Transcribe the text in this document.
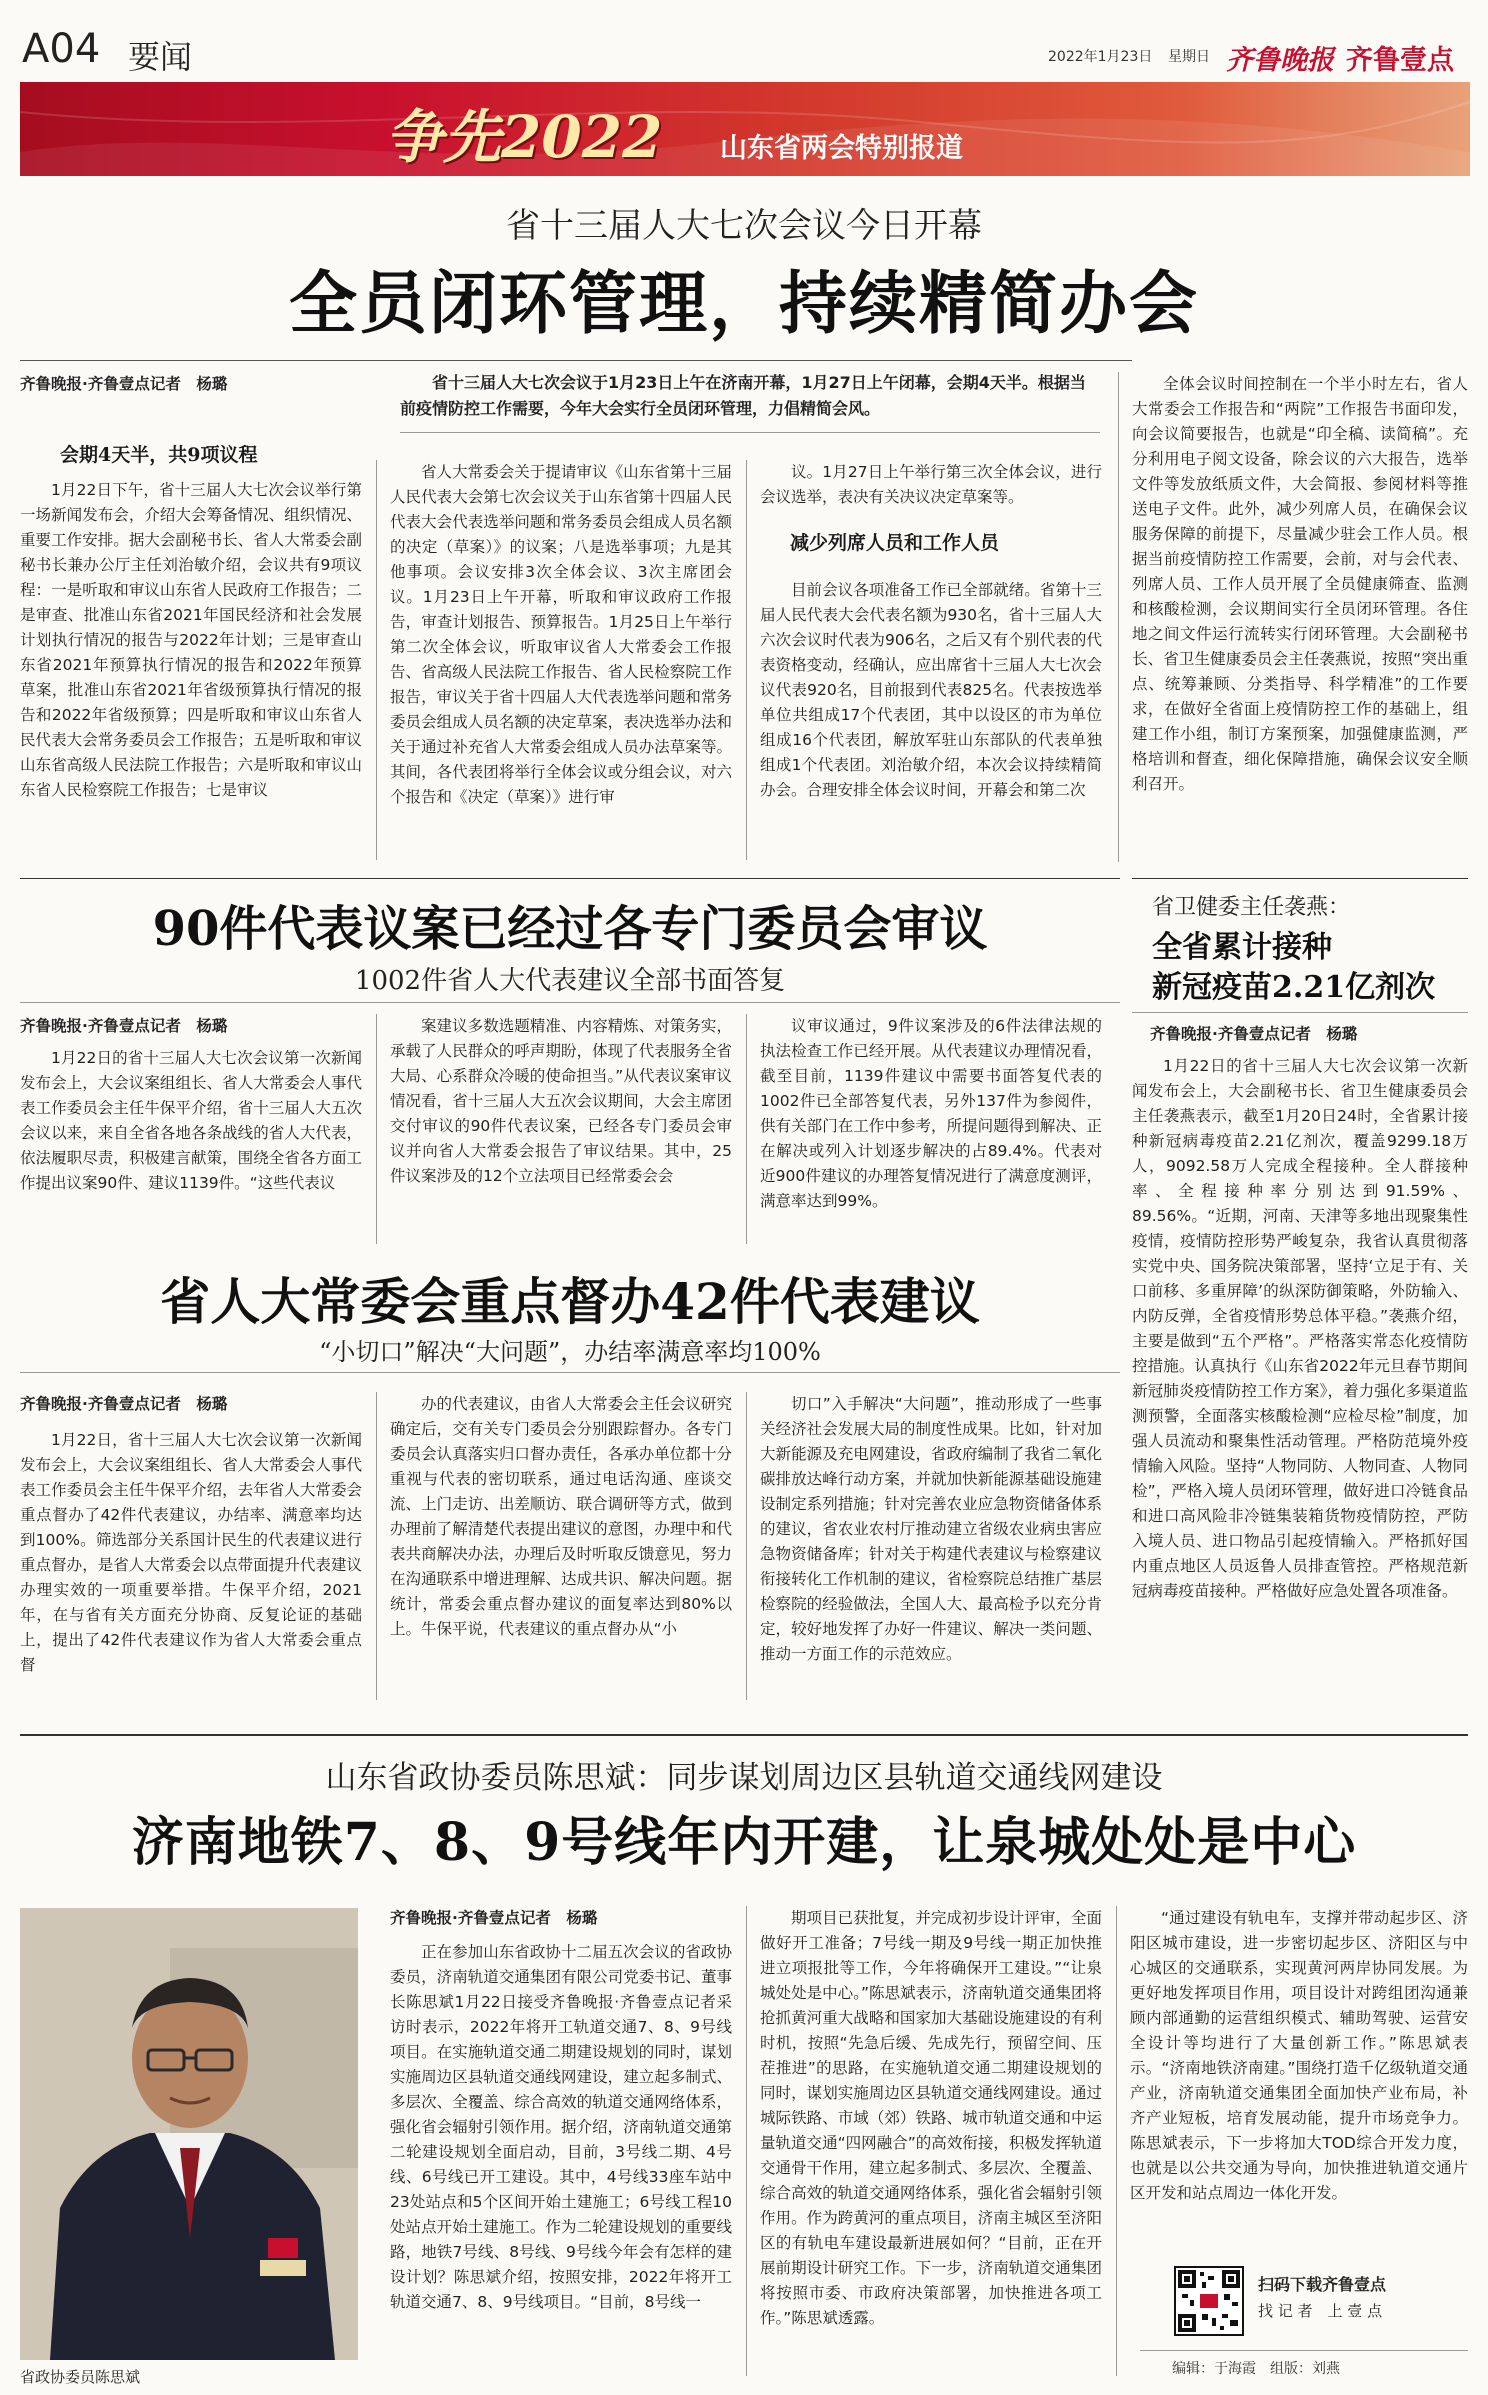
A04 要闻	2022年1月23日 星期日 齐鲁晚报 齐鲁壹点
争先2022 山东省两会特别报道
省十三届人大七次会议今日开幕
全员闭环管理，持续精简办会
齐鲁晚报·齐鲁壹点记者　杨璐	省十三届人大七次会议于1月23日上午在济南开幕，1月27日上午闭幕，会期4天半。根据当前疫情防控工作需要，今年大会实行全员闭环管理，力倡精简会风。
会期4天半，共9项议程
1月22日下午，省十三届人大七次会议举行第一场新闻发布会，介绍大会筹备情况、组织情况、重要工作安排。据大会副秘书长、省人大常委会副秘书长兼办公厅主任刘治敏介绍，会议共有9项议程：一是听取和审议山东省人民政府工作报告；二是审查、批准山东省2021年国民经济和社会发展计划执行情况的报告与2022年计划；三是审查山东省2021年预算执行情况的报告和2022年预算草案，批准山东省2021年省级预算执行情况的报告和2022年省级预算；四是听取和审议山东省人民代表大会常务委员会工作报告；五是听取和审议山东省高级人民法院工作报告；六是听取和审议山东省人民检察院工作报告；七是审议
省人大常委会关于提请审议《山东省第十三届人民代表大会第七次会议关于山东省第十四届人民代表大会代表选举问题和常务委员会组成人员名额的决定（草案）》的议案；八是选举事项；九是其他事项。会议安排3次全体会议、3次主席团会议。1月23日上午开幕，听取和审议政府工作报告，审查计划报告、预算报告。1月25日上午举行第二次全体会议，听取审议省人大常委会工作报告、省高级人民法院工作报告、省人民检察院工作报告，审议关于省十四届人大代表选举问题和常务委员会组成人员名额的决定草案，表决选举办法和关于通过补充省人大常委会组成人员办法草案等。其间，各代表团将举行全体会议或分组会议，对六个报告和《决定（草案）》进行审
议。1月27日上午举行第三次全体会议，进行会议选举，表决有关决议决定草案等。
减少列席人员和工作人员
目前会议各项准备工作已全部就绪。省第十三届人民代表大会代表名额为930名，省十三届人大六次会议时代表为906名，之后又有个别代表的代表资格变动，经确认，应出席省十三届人大七次会议代表920名，目前报到代表825名。代表按选举单位共组成17个代表团，其中以设区的市为单位组成16个代表团，解放军驻山东部队的代表单独组成1个代表团。刘治敏介绍，本次会议持续精简办会。合理安排全体会议时间，开幕会和第二次
全体会议时间控制在一个半小时左右，省人大常委会工作报告和“两院”工作报告书面印发，向会议简要报告，也就是“印全稿、读简稿”。充分利用电子阅文设备，除会议的六大报告，选举文件等发放纸质文件，大会简报、参阅材料等推送电子文件。此外，减少列席人员，在确保会议服务保障的前提下，尽量减少驻会工作人员。根据当前疫情防控工作需要，会前，对与会代表、列席人员、工作人员开展了全员健康筛查、监测和核酸检测，会议期间实行全员闭环管理。各住地之间文件运行流转实行闭环管理。大会副秘书长、省卫生健康委员会主任袭燕说，按照“突出重点、统筹兼顾、分类指导、科学精准”的工作要求，在做好全省面上疫情防控工作的基础上，组建工作小组，制订方案预案，加强健康监测，严格培训和督查，细化保障措施，确保会议安全顺利召开。
90件代表议案已经过各专门委员会审议
1002件省人大代表建议全部书面答复
齐鲁晚报·齐鲁壹点记者　杨璐
1月22日的省十三届人大七次会议第一次新闻发布会上，大会议案组组长、省人大常委会人事代表工作委员会主任牛保平介绍，省十三届人大五次会议以来，来自全省各地各条战线的省人大代表，依法履职尽责，积极建言献策，围绕全省各方面工作提出议案90件、建议1139件。“这些代表议
案建议多数选题精准、内容精炼、对策务实，承载了人民群众的呼声期盼，体现了代表服务全省大局、心系群众冷暖的使命担当。”从代表议案审议情况看，省十三届人大五次会议期间，大会主席团交付审议的90件代表议案，已经各专门委员会审议并向省人大常委会报告了审议结果。其中，25件议案涉及的12个立法项目已经常委会会
议审议通过，9件议案涉及的6件法律法规的执法检查工作已经开展。从代表建议办理情况看，截至目前，1139件建议中需要书面答复代表的1002件已全部答复代表，另外137件为参阅件，供有关部门在工作中参考，所提问题得到解决、正在解决或列入计划逐步解决的占89.4%。代表对近900件建议的办理答复情况进行了满意度测评，满意率达到99%。
省人大常委会重点督办42件代表建议
“小切口”解决“大问题”，办结率满意率均100%
齐鲁晚报·齐鲁壹点记者　杨璐
1月22日，省十三届人大七次会议第一次新闻发布会上，大会议案组组长、省人大常委会人事代表工作委员会主任牛保平介绍，去年省人大常委会重点督办了42件代表建议，办结率、满意率均达到100%。筛选部分关系国计民生的代表建议进行重点督办，是省人大常委会以点带面提升代表建议办理实效的一项重要举措。牛保平介绍，2021年，在与省有关方面充分协商、反复论证的基础上，提出了42件代表建议作为省人大常委会重点督
办的代表建议，由省人大常委会主任会议研究确定后，交有关专门委员会分别跟踪督办。各专门委员会认真落实归口督办责任，各承办单位都十分重视与代表的密切联系，通过电话沟通、座谈交流、上门走访、出差顺访、联合调研等方式，做到办理前了解清楚代表提出建议的意图，办理中和代表共商解决办法，办理后及时听取反馈意见，努力在沟通联系中增进理解、达成共识、解决问题。据统计，常委会重点督办建议的面复率达到80%以上。牛保平说，代表建议的重点督办从“小
切口”入手解决“大问题”，推动形成了一些事关经济社会发展大局的制度性成果。比如，针对加大新能源及充电网建设，省政府编制了我省二氧化碳排放达峰行动方案，并就加快新能源基础设施建设制定系列措施；针对完善农业应急物资储备体系的建议，省农业农村厅推动建立省级农业病虫害应急物资储备库；针对关于构建代表建议与检察建议衔接转化工作机制的建议，省检察院总结推广基层检察院的经验做法，全国人大、最高检予以充分肯定，较好地发挥了办好一件建议、解决一类问题、推动一方面工作的示范效应。
省卫健委主任袭燕：
全省累计接种
新冠疫苗2.21亿剂次
齐鲁晚报·齐鲁壹点记者　杨璐
1月22日的省十三届人大七次会议第一次新闻发布会上，大会副秘书长、省卫生健康委员会主任袭燕表示，截至1月20日24时，全省累计接种新冠病毒疫苗2.21亿剂次，覆盖9299.18万人，9092.58万人完成全程接种。全人群接种率、全程接种率分别达到91.59%、89.56%。“近期，河南、天津等多地出现聚集性疫情，疫情防控形势严峻复杂，我省认真贯彻落实党中央、国务院决策部署，坚持‘立足于有、关口前移、多重屏障’的纵深防御策略，外防输入、内防反弹，全省疫情形势总体平稳。”袭燕介绍，主要是做到“五个严格”。严格落实常态化疫情防控措施。认真执行《山东省2022年元旦春节期间新冠肺炎疫情防控工作方案》，着力强化多渠道监测预警，全面落实核酸检测“应检尽检”制度，加强人员流动和聚集性活动管理。严格防范境外疫情输入风险。坚持“人物同防、人物同查、人物同检”，严格入境人员闭环管理，做好进口冷链食品和进口高风险非冷链集装箱货物疫情防控，严防入境人员、进口物品引起疫情输入。严格抓好国内重点地区人员返鲁人员排查管控。严格规范新冠病毒疫苗接种。严格做好应急处置各项准备。
山东省政协委员陈思斌：同步谋划周边区县轨道交通线网建设
济南地铁7、8、9号线年内开建，让泉城处处是中心
省政协委员陈思斌
齐鲁晚报·齐鲁壹点记者　杨璐
正在参加山东省政协十二届五次会议的省政协委员，济南轨道交通集团有限公司党委书记、董事长陈思斌1月22日接受齐鲁晚报·齐鲁壹点记者采访时表示，2022年将开工轨道交通7、8、9号线项目。在实施轨道交通二期建设规划的同时，谋划实施周边区县轨道交通线网建设，建立起多制式、多层次、全覆盖、综合高效的轨道交通网络体系，强化省会辐射引领作用。据介绍，济南轨道交通第二轮建设规划全面启动，目前，3号线二期、4号线、6号线已开工建设。其中，4号线33座车站中23处站点和5个区间开始土建施工；6号线工程10处站点开始土建施工。作为二轮建设规划的重要线路，地铁7号线、8号线、9号线今年会有怎样的建设计划？陈思斌介绍，按照安排，2022年将开工轨道交通7、8、9号线项目。“目前，8号线一
期项目已获批复，并完成初步设计评审，全面做好开工准备；7号线一期及9号线一期正加快推进立项报批等工作，今年将确保开工建设。”“让泉城处处是中心。”陈思斌表示，济南轨道交通集团将抢抓黄河重大战略和国家加大基础设施建设的有利时机，按照“先急后缓、先成先行，预留空间、压茬推进”的思路，在实施轨道交通二期建设规划的同时，谋划实施周边区县轨道交通线网建设。通过城际铁路、市域（郊）铁路、城市轨道交通和中运量轨道交通“四网融合”的高效衔接，积极发挥轨道交通骨干作用，建立起多制式、多层次、全覆盖、综合高效的轨道交通网络体系，强化省会辐射引领作用。作为跨黄河的重点项目，济南主城区至济阳区的有轨电车建设最新进展如何？“目前，正在开展前期设计研究工作。下一步，济南轨道交通集团将按照市委、市政府决策部署，加快推进各项工作。”陈思斌透露。
“通过建设有轨电车，支撑并带动起步区、济阳区城市建设，进一步密切起步区、济阳区与中心城区的交通联系，实现黄河两岸协同发展。为更好地发挥项目作用，项目设计对跨组团沟通兼顾内部通勤的运营组织模式、辅助驾驶、运营安全设计等均进行了大量创新工作。”陈思斌表示。“济南地铁济南建。”围绕打造千亿级轨道交通产业，济南轨道交通集团全面加快产业布局，补齐产业短板，培育发展动能，提升市场竞争力。陈思斌表示，下一步将加大TOD综合开发力度，也就是以公共交通为导向，加快推进轨道交通片区开发和站点周边一体化开发。
扫码下载齐鲁壹点
找 记 者　上 壹 点
编辑：于海霞　组版：刘燕
